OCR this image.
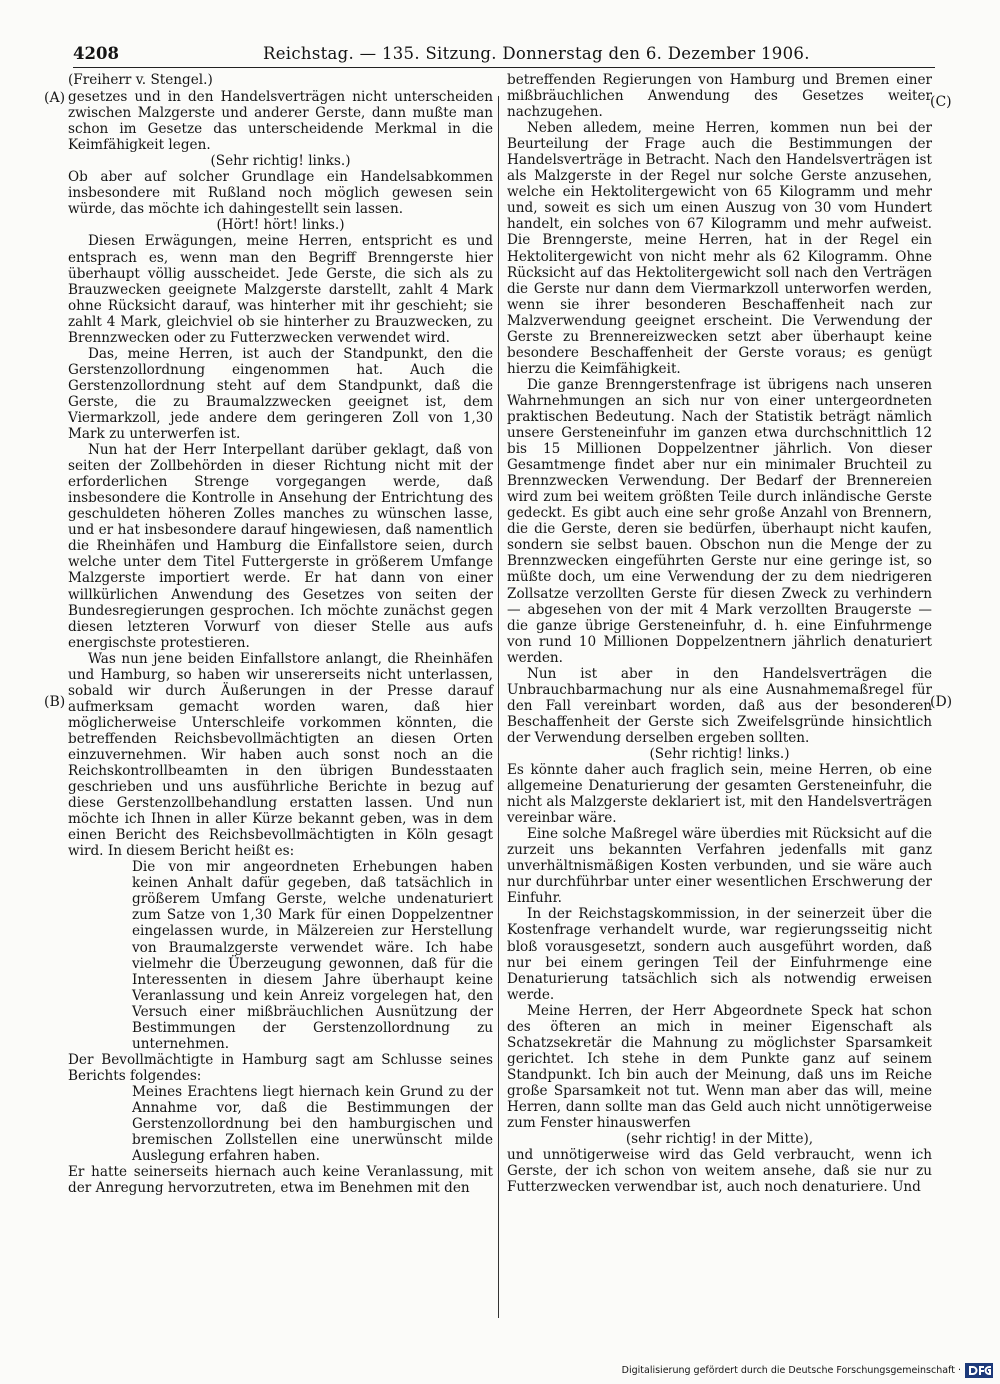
4208	Reichstag. — 135. Sitzung. Donnerstag den 6. Dezember 1906.
(A)
(B)
(C)
(D)

(Freiherr v. Stengel.)

gesetzes und in den Handelsverträgen nicht unterscheiden zwischen Malzgerste und anderer Gerste, dann mußte man schon im Gesetze das unterscheidende Merkmal in die Keimfähigkeit legen.

(Sehr richtig! links.)

Ob aber auf solcher Grundlage ein Handelsabkommen insbesondere mit Rußland noch möglich gewesen sein würde, das möchte ich dahingestellt sein lassen.

(Hört! hört! links.)

Diesen Erwägungen, meine Herren, entspricht es und entsprach es, wenn man den Begriff Brenngerste hier überhaupt völlig ausscheidet. Jede Gerste, die sich als zu Brauzwecken geeignete Malzgerste darstellt, zahlt 4 Mark ohne Rücksicht darauf, was hinterher mit ihr geschieht; sie zahlt 4 Mark, gleichviel ob sie hinterher zu Brauzwecken, zu Brennzwecken oder zu Futterzwecken verwendet wird.

Das, meine Herren, ist auch der Standpunkt, den die Gerstenzollordnung eingenommen hat. Auch die Gerstenzollordnung steht auf dem Standpunkt, daß die Gerste, die zu Braumalzzwecken geeignet ist, dem Viermarkzoll, jede andere dem geringeren Zoll von 1,30 Mark zu unterwerfen ist.

Nun hat der Herr Interpellant darüber geklagt, daß von seiten der Zollbehörden in dieser Richtung nicht mit der erforderlichen Strenge vorgegangen werde, daß insbesondere die Kontrolle in Ansehung der Entrichtung des geschuldeten höheren Zolles manches zu wünschen lasse, und er hat insbesondere darauf hingewiesen, daß namentlich die Rheinhäfen und Hamburg die Einfallstore seien, durch welche unter dem Titel Futtergerste in größerem Umfange Malzgerste importiert werde. Er hat dann von einer willkürlichen Anwendung des Gesetzes von seiten der Bundesregierungen gesprochen. Ich möchte zunächst gegen diesen letzteren Vorwurf von dieser Stelle aus aufs energischste protestieren.

Was nun jene beiden Einfallstore anlangt, die Rheinhäfen und Hamburg, so haben wir unsererseits nicht unterlassen, sobald wir durch Äußerungen in der Presse darauf aufmerksam gemacht worden waren, daß hier möglicherweise Unterschleife vorkommen könnten, die betreffenden Reichsbevollmächtigten an diesen Orten einzuvernehmen. Wir haben auch sonst noch an die Reichskontrollbeamten in den übrigen Bundesstaaten geschrieben und uns ausführliche Berichte in bezug auf diese Gerstenzollbehandlung erstatten lassen. Und nun möchte ich Ihnen in aller Kürze bekannt geben, was in dem einen Bericht des Reichsbevollmächtigten in Köln gesagt wird. In diesem Bericht heißt es:

Die von mir angeordneten Erhebungen haben keinen Anhalt dafür gegeben, daß tatsächlich in größerem Umfang Gerste, welche undenaturiert zum Satze von 1,30 Mark für einen Doppelzentner eingelassen wurde, in Mälzereien zur Herstellung von Braumalzgerste verwendet wäre. Ich habe vielmehr die Überzeugung gewonnen, daß für die Interessenten in diesem Jahre überhaupt keine Veranlassung und kein Anreiz vorgelegen hat, den Versuch einer mißbräuchlichen Ausnützung der Bestimmungen der Gerstenzollordnung zu unternehmen.

Der Bevollmächtigte in Hamburg sagt am Schlusse seines Berichts folgendes:

Meines Erachtens liegt hiernach kein Grund zu der Annahme vor, daß die Bestimmungen der Gerstenzollordnung bei den hamburgischen und bremischen Zollstellen eine unerwünscht milde Auslegung erfahren haben.

Er hatte seinerseits hiernach auch keine Veranlassung, mit der Anregung hervorzutreten, etwa im Benehmen mit den

betreffenden Regierungen von Hamburg und Bremen einer mißbräuchlichen Anwendung des Gesetzes weiter nachzugehen.

Neben alledem, meine Herren, kommen nun bei der Beurteilung der Frage auch die Bestimmungen der Handelsverträge in Betracht. Nach den Handelsverträgen ist als Malzgerste in der Regel nur solche Gerste anzusehen, welche ein Hektolitergewicht von 65 Kilogramm und mehr und, soweit es sich um einen Auszug von 30 vom Hundert handelt, ein solches von 67 Kilogramm und mehr aufweist. Die Brenngerste, meine Herren, hat in der Regel ein Hektolitergewicht von nicht mehr als 62 Kilogramm. Ohne Rücksicht auf das Hektolitergewicht soll nach den Verträgen die Gerste nur dann dem Viermarkzoll unterworfen werden, wenn sie ihrer besonderen Beschaffenheit nach zur Malzverwendung geeignet erscheint. Die Verwendung der Gerste zu Brennereizwecken setzt aber überhaupt keine besondere Beschaffenheit der Gerste voraus; es genügt hierzu die Keimfähigkeit.

Die ganze Brenngerstenfrage ist übrigens nach unseren Wahrnehmungen an sich nur von einer untergeordneten praktischen Bedeutung. Nach der Statistik beträgt nämlich unsere Gersteneinfuhr im ganzen etwa durchschnittlich 12 bis 15 Millionen Doppelzentner jährlich. Von dieser Gesamtmenge findet aber nur ein minimaler Bruchteil zu Brennzwecken Verwendung. Der Bedarf der Brennereien wird zum bei weitem größten Teile durch inländische Gerste gedeckt. Es gibt auch eine sehr große Anzahl von Brennern, die die Gerste, deren sie bedürfen, überhaupt nicht kaufen, sondern sie selbst bauen. Obschon nun die Menge der zu Brennzwecken eingeführten Gerste nur eine geringe ist, so müßte doch, um eine Verwendung der zu dem niedrigeren Zollsatze verzollten Gerste für diesen Zweck zu verhindern — abgesehen von der mit 4 Mark verzollten Braugerste — die ganze übrige Gersteneinfuhr, d. h. eine Einfuhrmenge von rund 10 Millionen Doppelzentnern jährlich denaturiert werden.

Nun ist aber in den Handelsverträgen die Unbrauchbarmachung nur als eine Ausnahmemaßregel für den Fall vereinbart worden, daß aus der besonderen Beschaffenheit der Gerste sich Zweifelsgründe hinsichtlich der Verwendung derselben ergeben sollten.

(Sehr richtig! links.)

Es könnte daher auch fraglich sein, meine Herren, ob eine allgemeine Denaturierung der gesamten Gersteneinfuhr, die nicht als Malzgerste deklariert ist, mit den Handelsverträgen vereinbar wäre.

Eine solche Maßregel wäre überdies mit Rücksicht auf die zurzeit uns bekannten Verfahren jedenfalls mit ganz unverhältnismäßigen Kosten verbunden, und sie wäre auch nur durchführbar unter einer wesentlichen Erschwerung der Einfuhr.

In der Reichstagskommission, in der seinerzeit über die Kostenfrage verhandelt wurde, war regierungsseitig nicht bloß vorausgesetzt, sondern auch ausgeführt worden, daß nur bei einem geringen Teil der Einfuhrmenge eine Denaturierung tatsächlich sich als notwendig erweisen werde.

Meine Herren, der Herr Abgeordnete Speck hat schon des öfteren an mich in meiner Eigenschaft als Schatzsekretär die Mahnung zu möglichster Sparsamkeit gerichtet. Ich stehe in dem Punkte ganz auf seinem Standpunkt. Ich bin auch der Meinung, daß uns im Reiche große Sparsamkeit not tut. Wenn man aber das will, meine Herren, dann sollte man das Geld auch nicht unnötigerweise zum Fenster hinauswerfen

(sehr richtig! in der Mitte),

und unnötigerweise wird das Geld verbraucht, wenn ich Gerste, der ich schon von weitem ansehe, daß sie nur zu Futterzwecken verwendbar ist, auch noch denaturiere. Und

Digitalisierung gefördert durch die Deutsche Forschungsgemeinschaft ·
